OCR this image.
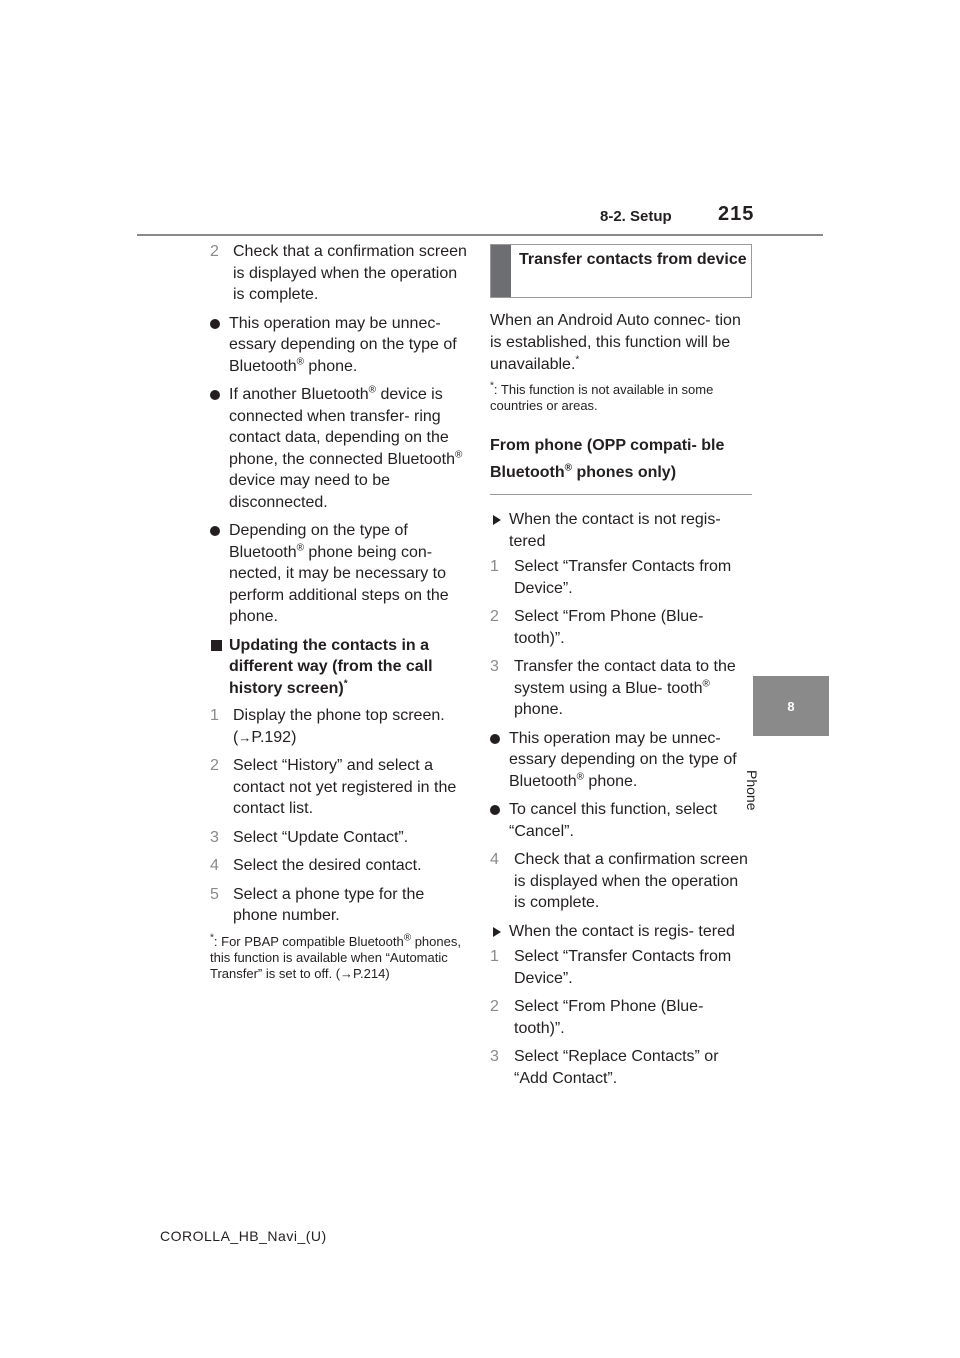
8-2. Setup 215
8
Phone
2 Check that a confirmation screen is displayed when the operation is complete.
This operation may be unnec- essary depending on the type of Bluetooth® phone.
If another Bluetooth® device is connected when transfer- ring contact data, depending on the phone, the connected Bluetooth® device may need to be disconnected.
Depending on the type of Bluetooth® phone being con- nected, it may be necessary to perform additional steps on the phone.
Updating the contacts in a different way (from the call history screen)*
1 Display the phone top screen. (→P.192)
2 Select “History” and select a contact not yet registered in the contact list.
3 Select “Update Contact”.
4 Select the desired contact.
5 Select a phone type for the phone number.
*: For PBAP compatible Bluetooth® phones, this function is available when “Automatic Transfer” is set to off. (→P.214)
Transfer contacts from device
When an Android Auto connec- tion is established, this function will be unavailable.*
*: This function is not available in some countries or areas.
From phone (OPP compati- ble Bluetooth® phones only)
When the contact is not regis- tered
1 Select “Transfer Contacts from Device”.
2 Select “From Phone (Blue- tooth)”.
3 Transfer the contact data to the system using a Blue- tooth® phone.
This operation may be unnec- essary depending on the type of Bluetooth® phone.
To cancel this function, select “Cancel”.
4 Check that a confirmation screen is displayed when the operation is complete.
When the contact is regis- tered
1 Select “Transfer Contacts from Device”.
2 Select “From Phone (Blue- tooth)”.
3 Select “Replace Contacts” or “Add Contact”.
COROLLA_HB_Navi_(U)
